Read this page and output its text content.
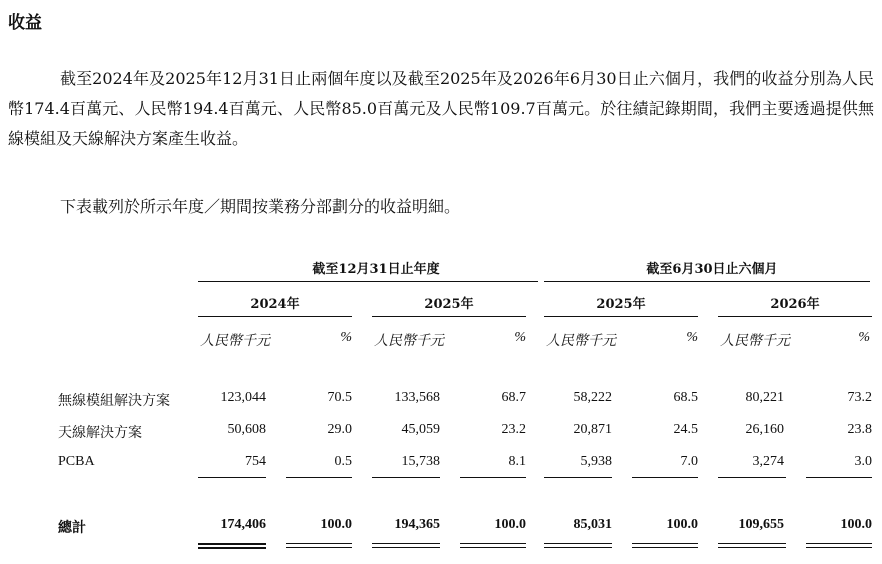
收益
截至2024年及2025年12月31日止兩個年度以及截至2025年及2026年6月30日止六個月，我們的收益分別為人民幣174.4百萬元、人民幣194.4百萬元、人民幣85.0百萬元及人民幣109.7百萬元。於往績記錄期間，我們主要透過提供無線模組及天線解決方案產生收益。
下表載列於所示年度／期間按業務分部劃分的收益明細。
截至12月31日止年度	截至6月30日止六個月
2024年	2025年	2025年	2026年
人民幣千元	% 人民幣千元	% 人民幣千元	% 人民幣千元	%
無線模組解決方案	123,044	70.5	133,568	68.7	58,222	68.5	80,221	73.2
天線解決方案	50,608	29.0	45,059	23.2	20,871	24.5	26,160	23.8
PCBA	754	0.5	15,738	8.1	5,938	7.0	3,274	3.0
總計	174,406	100.0	194,365	100.0	85,031	100.0	109,655	100.0
